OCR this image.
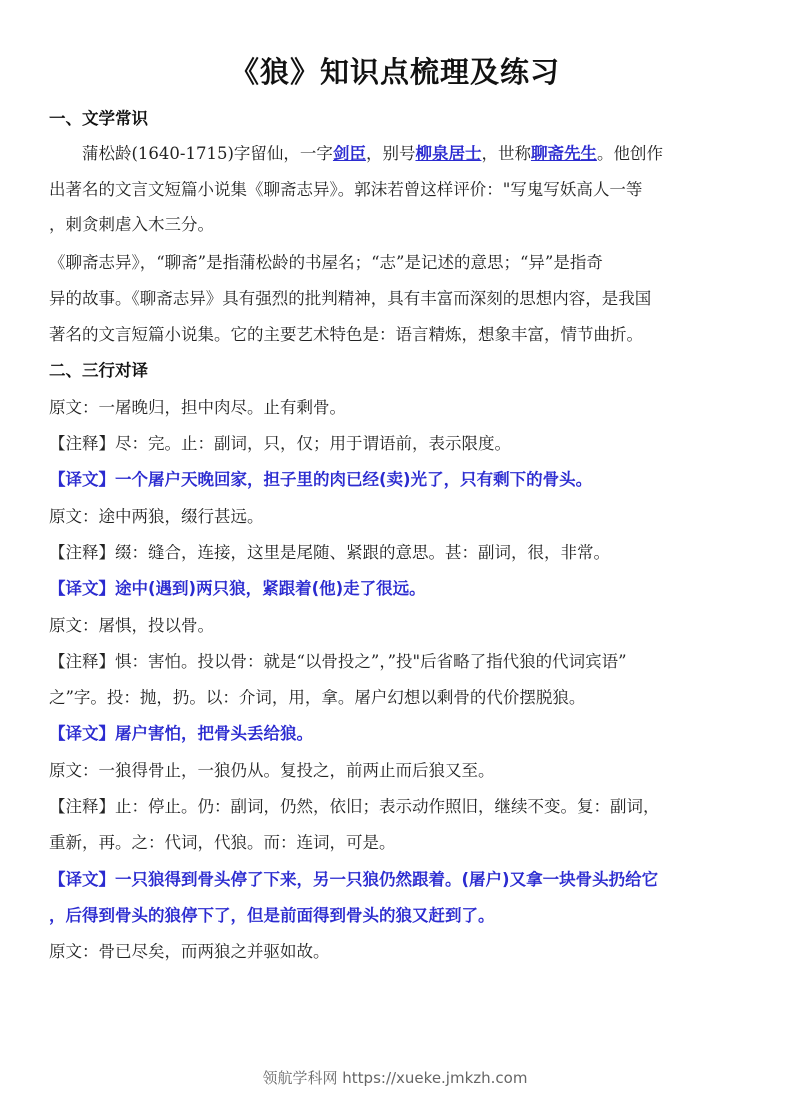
《狼》知识点梳理及练习
一、文学常识
蒲松龄(1640-1715)字留仙，一字剑臣，别号柳泉居士，世称聊斋先生。他创作
出著名的文言文短篇小说集《聊斋志异》。郭沫若曾这样评价："写鬼写妖高人一等
，刺贪刺虐入木三分。
《聊斋志异》，“聊斋”是指蒲松龄的书屋名；“志”是记述的意思；“异”是指奇
异的故事。《聊斋志异》具有强烈的批判精神，具有丰富而深刻的思想内容，是我国
著名的文言短篇小说集。它的主要艺术特色是：语言精炼，想象丰富，情节曲折。
二、三行对译
原文：一屠晚归，担中肉尽。止有剩骨。
【注释】尽：完。止：副词，只，仅；用于谓语前，表示限度。
【译文】一个屠户天晚回家，担子里的肉已经(卖)光了，只有剩下的骨头。
原文：途中两狼，缀行甚远。
【注释】缀：缝合，连接，这里是尾随、紧跟的意思。甚：副词，很，非常。
【译文】途中(遇到)两只狼，紧跟着(他)走了很远。
原文：屠惧，投以骨。
【注释】惧：害怕。投以骨：就是“以骨投之”，”投"后省略了指代狼的代词宾语”
之”字。投：抛，扔。以：介词，用，拿。屠户幻想以剩骨的代价摆脱狼。
【译文】屠户害怕，把骨头丢给狼。
原文：一狼得骨止，一狼仍从。复投之，前两止而后狼又至。
【注释】止：停止。仍：副词，仍然，依旧；表示动作照旧，继续不变。复：副词，
重新，再。之：代词，代狼。而：连词，可是。
【译文】一只狼得到骨头停了下来，另一只狼仍然跟着。(屠户)又拿一块骨头扔给它
，后得到骨头的狼停下了，但是前面得到骨头的狼又赶到了。
原文：骨已尽矣，而两狼之并驱如故。
领航学科网 https://xueke.jmkzh.com
